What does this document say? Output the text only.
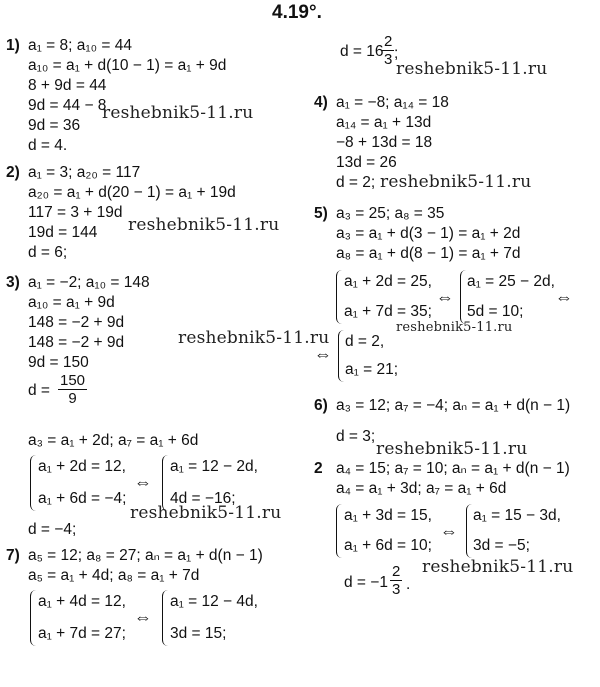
4.19°.
1) a₁ = 8; a₁₀ = 44
a₁₀ = a₁ + d(10 − 1) = a₁ + 9d
8 + 9d = 44
9d = 44 − 8
9d = 36
d = 4.
reshebnik5-11.ru
2) a₁ = 3; a₂₀ = 117
a₂₀ = a₁ + d(20 − 1) = a₁ + 19d
117 = 3 + 19d
19d = 144
d = 6;
reshebnik5-11.ru
3) a₁ = −2; a₁₀ = 148
a₁₀ = a₁ + 9d
148 = −2 + 9d
148 = −2 + 9d
9d = 150
$d = \frac{150}{9}$
reshebnik5-11.ru
a₃ = a₁ + 2d; a₇ = a₁ + 6d
a₁ + 2d = 12,
a₁ + 6d = −4;
⇔
a₁ = 12 − 2d,
4d = −16;
d = −4;
reshebnik5-11.ru
7) a₅ = 12; a₈ = 27; aₙ = a₁ + d(n − 1)
a₅ = a₁ + 4d; a₈ = a₁ + 7d
a₁ + 4d = 12,
a₁ + 7d = 27;
⇔
a₁ = 12 − 4d,
3d = 15;
d = 16
$\frac{2}{3}$ ;
reshebnik5-11.ru
4) a₁ = −8; a₁₄ = 18
a₁₄ = a₁ + 13d
−8 + 13d = 18
13d = 26
d = 2; reshebnik5-11.ru
5) a₃ = 25; a₈ = 35
a₃ = a₁ + d(3 − 1) = a₁ + 2d
a₈ = a₁ + d(8 − 1) = a₁ + 7d
a₁ + 2d = 25,
a₁ + 7d = 35;
⇔
a₁ = 25 − 2d,
5d = 10;
⇔
reshebnik5-11.ru
⇔
d = 2,
a₁ = 21;
6) a₃ = 12; a₇ = −4; aₙ = a₁ + d(n − 1)
d = 3;
reshebnik5-11.ru
2 a₄ = 15; a₇ = 10; aₙ = a₁ + d(n − 1)
a₄ = a₁ + 3d; a₇ = a₁ + 6d
a₁ + 3d = 15,
a₁ + 6d = 10;
⇔
a₁ = 15 − 3d,
3d = −5;
$d = -1 \frac{2}{3}$ .
reshebnik5-11.ru
